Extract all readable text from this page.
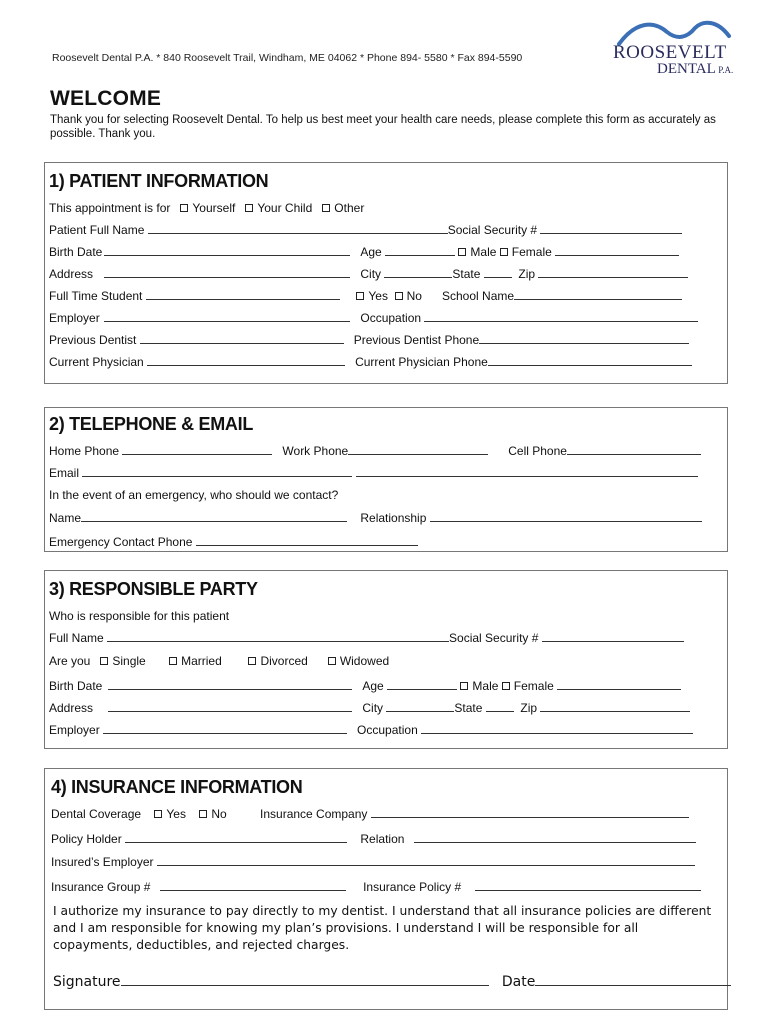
Roosevelt Dental P.A. * 840 Roosevelt Trail, Windham, ME 04062 * Phone 894- 5580 * Fax 894-5590	ROOSEVELT
DENTAL P.A.
WELCOME
Thank you for selecting Roosevelt Dental. To help us best meet your health care needs, please complete this form as accurately as possible. Thank you.
1) PATIENT INFORMATION
This appointment is for Yourself Your Child Other
Patient Full Name	Social Security #
Birth Date	Age	Male Female
Address	City	State	Zip
Full Time Student	Yes No School Name
Employer	Occupation
Previous Dentist	Previous Dentist Phone
Current Physician	Current Physician Phone
2) TELEPHONE & EMAIL
Home Phone	Work Phone	Cell Phone
Email
In the event of an emergency, who should we contact?
Name	Relationship
Emergency Contact Phone
3) RESPONSIBLE PARTY
Who is responsible for this patient
Full Name	Social Security #
Are you Single	Married	Divorced	Widowed
Birth Date	Age	Male Female
Address	City	State	Zip
Employer	Occupation
4) INSURANCE INFORMATION
Dental Coverage Yes No	Insurance Company
Policy Holder	Relation
Insured’s Employer
Insurance Group #	Insurance Policy #
I authorize my insurance to pay directly to my dentist. I understand that all insurance policies are different and I am responsible for knowing my plan’s provisions. I understand I will be responsible for all copayments, deductibles, and rejected charges.
Signature	Date
